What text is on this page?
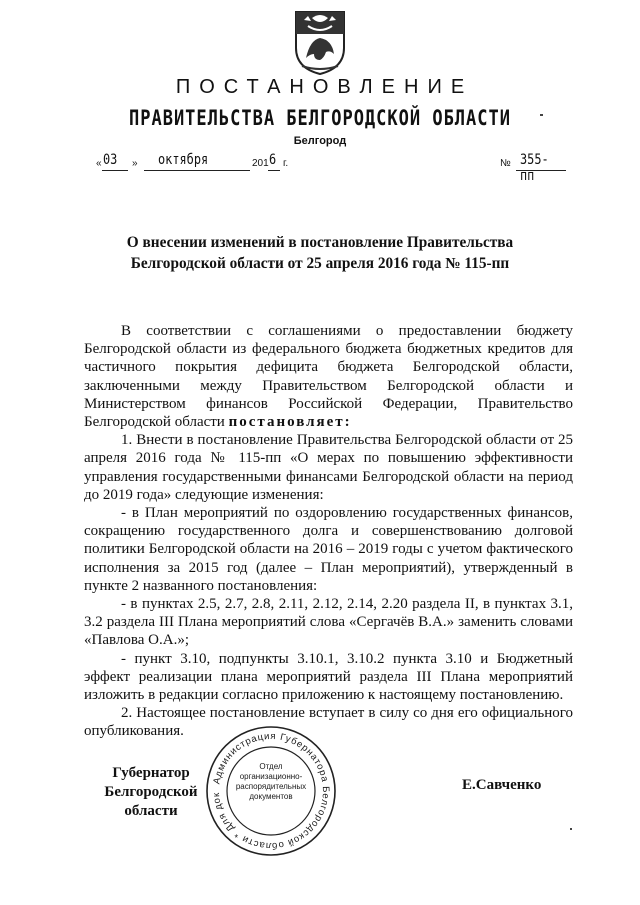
ПОСТАНОВЛЕНИЕ
ПРАВИТЕЛЬСТВА БЕЛГОРОДСКОЙ ОБЛАСТИ
Белгород
« 03 » октября	201 6 г.	№ 355-пп
О внесении изменений в постановление Правительства
Белгородской области от 25 апреля 2016 года № 115-пп

В соответствии с соглашениями о предоставлении бюджету Белгородской области из федерального бюджета бюджетных кредитов для частичного покрытия дефицита бюджета Белгородской области, заключенными между Правительством Белгородской области и Министерством финансов Российской Федерации, Правительство Белгородской области постановляет:

1. Внести в постановление Правительства Белгородской области от 25 апреля 2016 года № 115-пп «О мерах по повышению эффективности управления государственными финансами Белгородской области на период до 2019 года» следующие изменения:

- в План мероприятий по оздоровлению государственных финансов, сокращению государственного долга и совершенствованию долговой политики Белгородской области на 2016 – 2019 годы с учетом фактического исполнения за 2015 год (далее – План мероприятий), утвержденный в пункте 2 названного постановления:

- в пунктах 2.5, 2.7, 2.8, 2.11, 2.12, 2.14, 2.20 раздела II, в пунктах 3.1, 3.2 раздела III Плана мероприятий слова «Сергачёв В.А.» заменить словами «Павлова О.А.»;

- пункт 3.10, подпункты 3.10.1, 3.10.2 пункта 3.10 и Бюджетный эффект реализации плана мероприятий раздела III Плана мероприятий изложить в редакции согласно приложению к настоящему постановлению.

2. Настоящее постановление вступает в силу со дня его официального опубликования.

Губернатор
Белгородской области
Е.Савченко
Администрация Губернатора Белгородской области * Для док
Отдел
организационно-
распорядительных
документов
